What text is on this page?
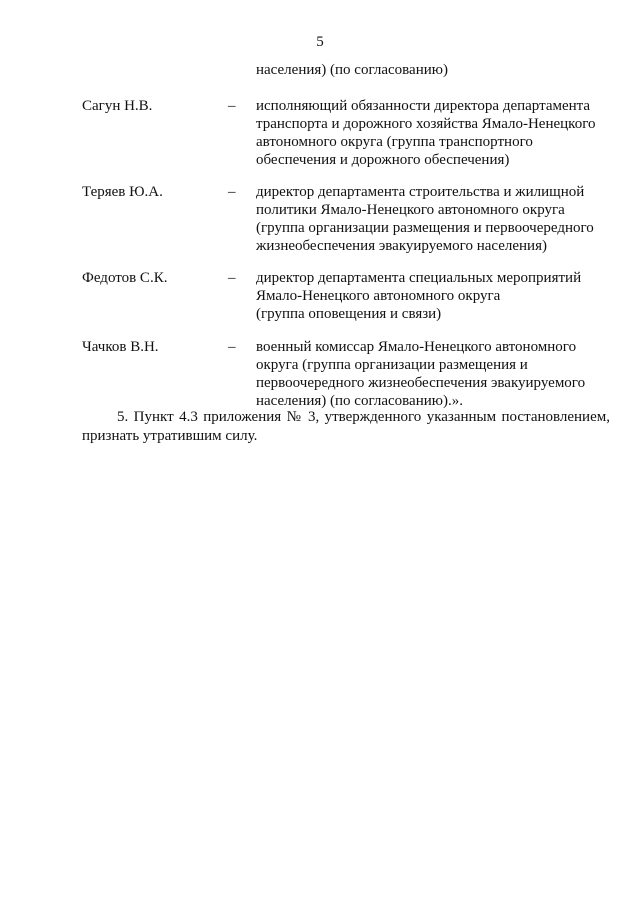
5
населения) (по согласованию)
Сагун Н.В.	– исполняющий обязанности директора департамента
транспорта и дорожного хозяйства Ямало-Ненецкого
автономного округа (группа транспортного
обеспечения и дорожного обеспечения)
Теряев Ю.А.	– директор департамента строительства и жилищной
политики Ямало-Ненецкого автономного округа
(группа организации размещения и первоочередного
жизнеобеспечения эвакуируемого населения)
Федотов С.К.	– директор департамента специальных мероприятий
Ямало-Ненецкого автономного округа
(группа оповещения и связи)
Чачков В.Н.	– военный комиссар Ямало-Ненецкого автономного
округа (группа организации размещения и
первоочередного жизнеобеспечения эвакуируемого
населения) (по согласованию).».
5. Пункт 4.3 приложения № 3, утвержденного указанным постановлением,
признать утратившим силу.
